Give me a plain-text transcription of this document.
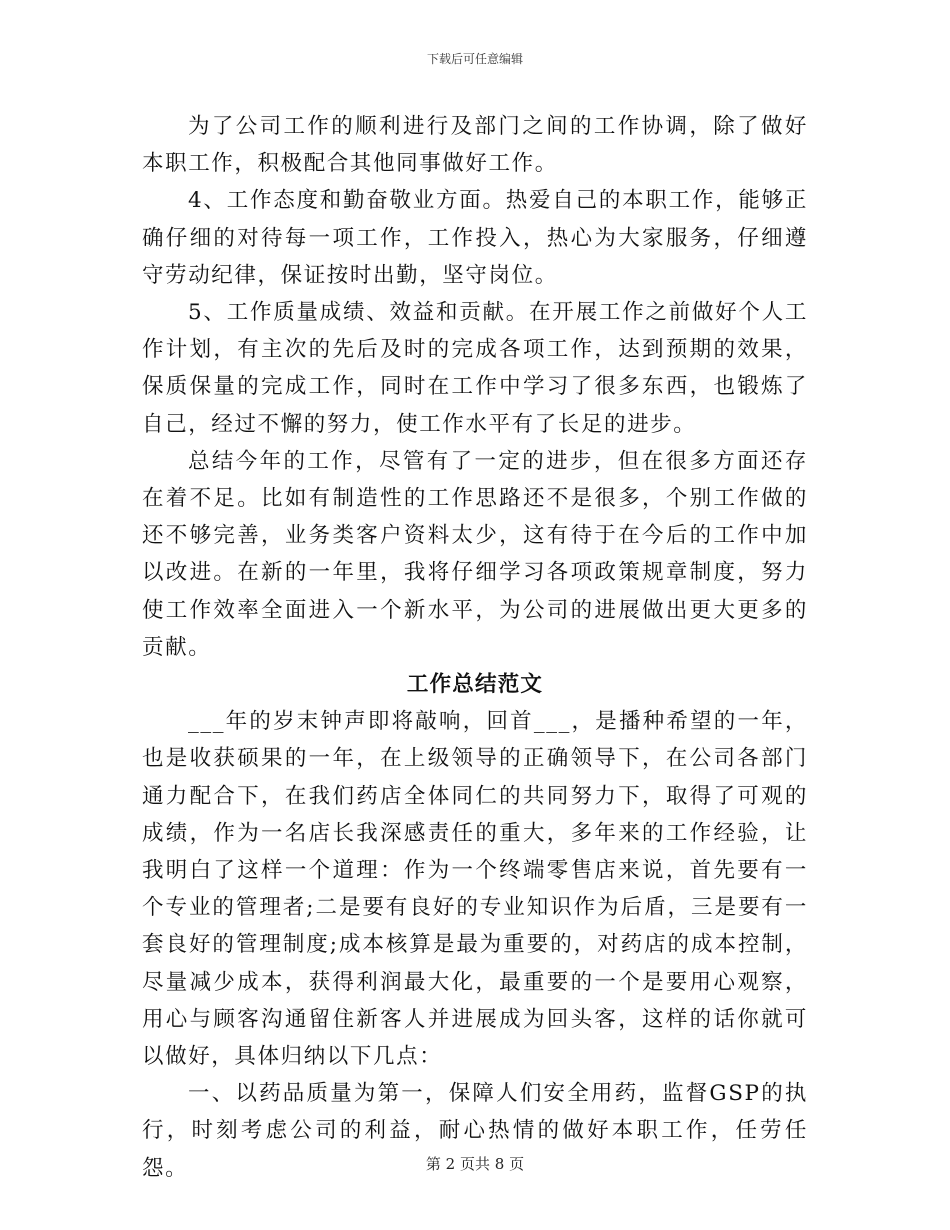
下载后可任意编辑

为了公司工作的顺利进行及部门之间的工作协调，除了做好本职工作，积极配合其他同事做好工作。

4、工作态度和勤奋敬业方面。热爱自己的本职工作，能够正确仔细的对待每一项工作，工作投入，热心为大家服务，仔细遵守劳动纪律，保证按时出勤，坚守岗位。

5、工作质量成绩、效益和贡献。在开展工作之前做好个人工作计划，有主次的先后及时的完成各项工作，达到预期的效果，保质保量的完成工作，同时在工作中学习了很多东西，也锻炼了自己，经过不懈的努力，使工作水平有了长足的进步。

总结今年的工作，尽管有了一定的进步，但在很多方面还存在着不足。比如有制造性的工作思路还不是很多，个别工作做的还不够完善，业务类客户资料太少，这有待于在今后的工作中加以改进。在新的一年里，我将仔细学习各项政策规章制度，努力使工作效率全面进入一个新水平，为公司的进展做出更大更多的贡献。

工作总结范文

___年的岁末钟声即将敲响，回首___，是播种希望的一年，也是收获硕果的一年，在上级领导的正确领导下，在公司各部门通力配合下，在我们药店全体同仁的共同努力下，取得了可观的成绩，作为一名店长我深感责任的重大，多年来的工作经验，让我明白了这样一个道理：作为一个终端零售店来说，首先要有一个专业的管理者;二是要有良好的专业知识作为后盾，三是要有一套良好的管理制度;成本核算是最为重要的，对药店的成本控制，尽量减少成本，获得利润最大化，最重要的一个是要用心观察，用心与顾客沟通留住新客人并进展成为回头客，这样的话你就可以做好，具体归纳以下几点：

一、以药品质量为第一，保障人们安全用药，监督GSP的执行，时刻考虑公司的利益，耐心热情的做好本职工作，任劳任怨。	第 2 页共 8 页
